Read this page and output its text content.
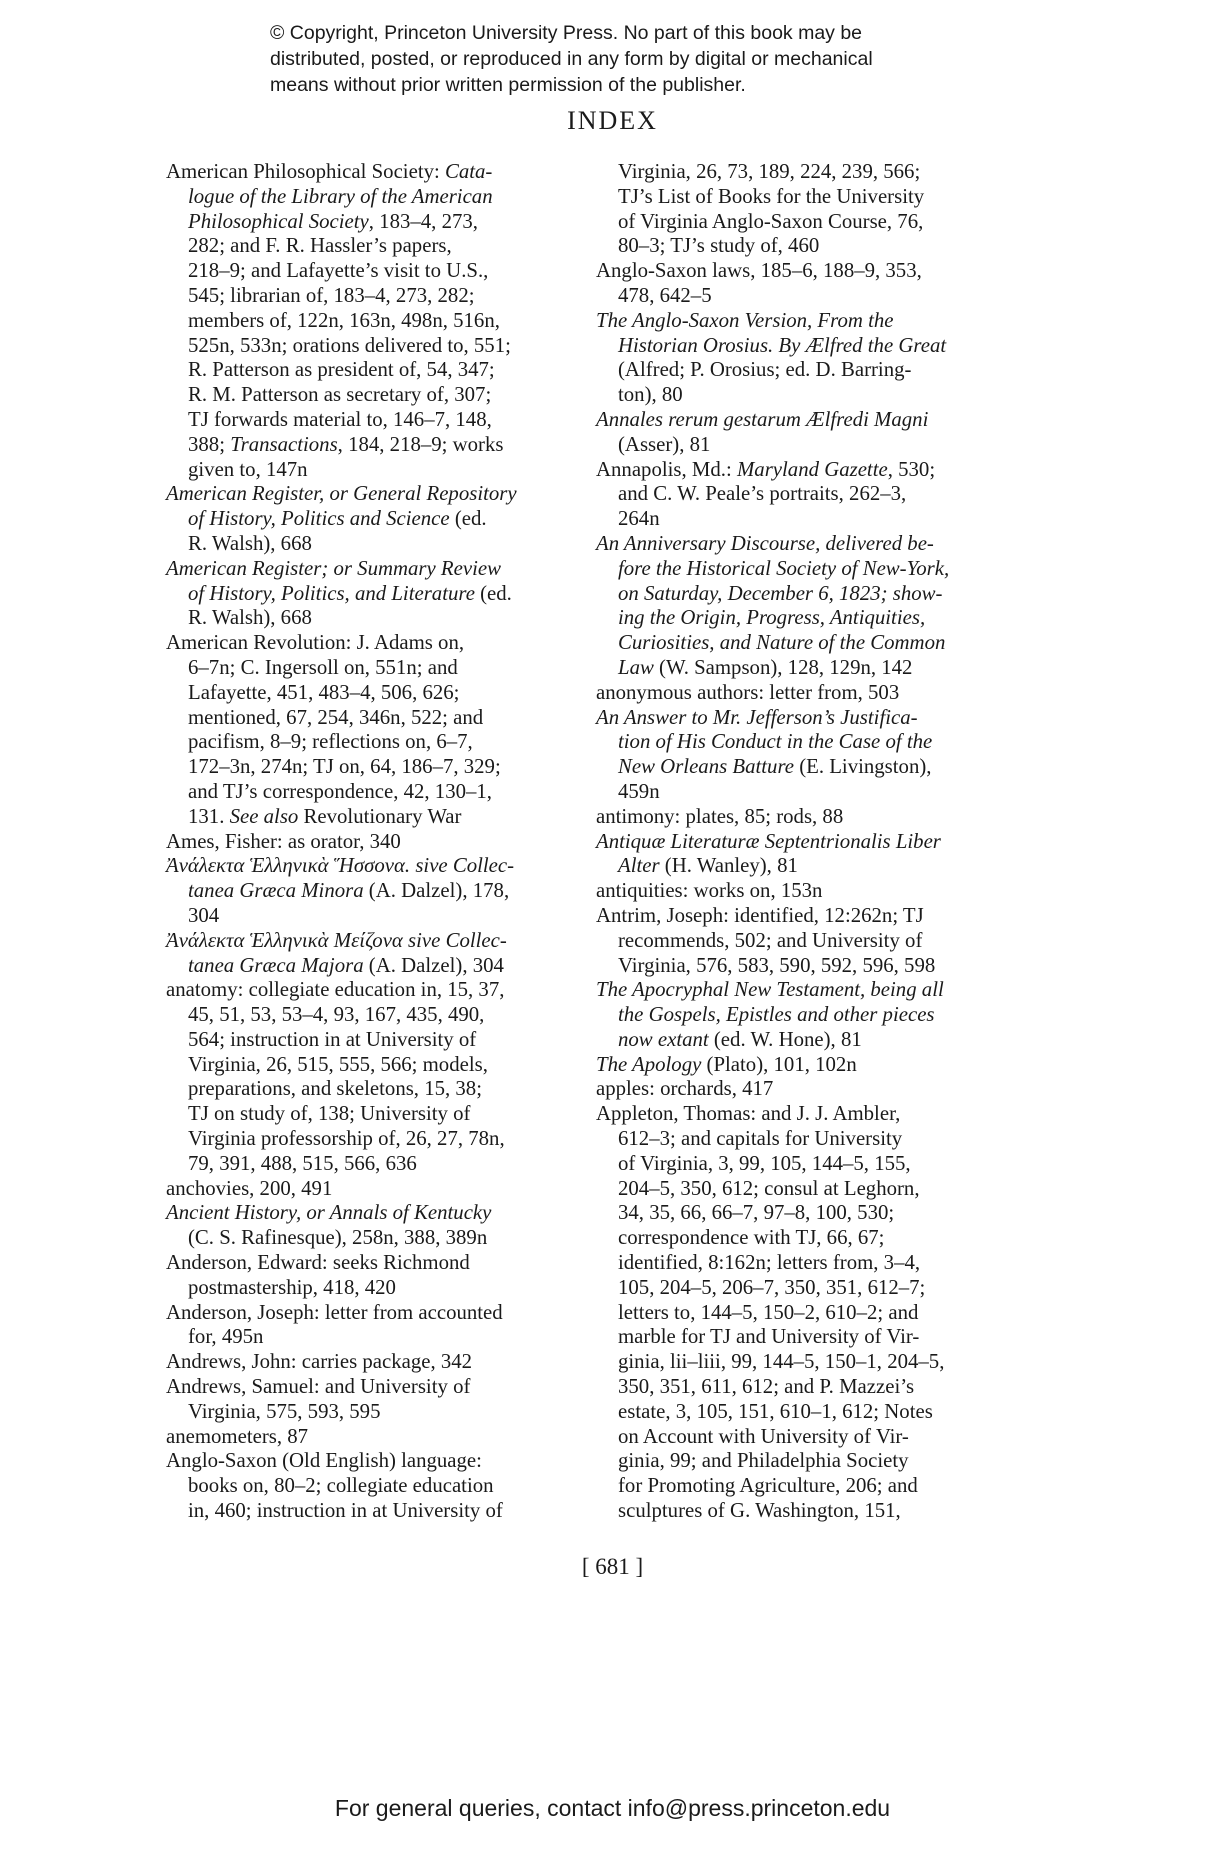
© Copyright, Princeton University Press. No part of this book may be
distributed, posted, or reproduced in any form by digital or mechanical
means without prior written permission of the publisher.
INDEX
American Philosophical Society: Cata-
logue of the Library of the American
Philosophical Society, 183–4, 273,
282; and F. R. Hassler’s papers,
218–9; and Lafayette’s visit to U.S.,
545; librarian of, 183–4, 273, 282;
members of, 122n, 163n, 498n, 516n,
525n, 533n; orations delivered to, 551;
R. Patterson as president of, 54, 347;
R. M. Patterson as secretary of, 307;
TJ forwards material to, 146–7, 148,
388; Transactions, 184, 218–9; works
given to, 147n
American Register, or General Repository
of History, Politics and Science (ed.
R. Walsh), 668
American Register; or Summary Review
of History, Politics, and Literature (ed.
R. Walsh), 668
American Revolution: J. Adams on,
6–7n; C. Ingersoll on, 551n; and
Lafayette, 451, 483–4, 506, 626;
mentioned, 67, 254, 346n, 522; and
pacifism, 8–9; reflections on, 6–7,
172–3n, 274n; TJ on, 64, 186–7, 329;
and TJ’s correspondence, 42, 130–1,
131. See also Revolutionary War
Ames, Fisher: as orator, 340
Ἀνάλεκτα Ἑλληνικὰ Ἥσσονα. sive Collec-
tanea Græca Minora (A. Dalzel), 178,
304
Ἀνάλεκτα Ἑλληνικὰ Μείζονα sive Collec-
tanea Græca Majora (A. Dalzel), 304
anatomy: collegiate education in, 15, 37,
45, 51, 53, 53–4, 93, 167, 435, 490,
564; instruction in at University of
Virginia, 26, 515, 555, 566; models,
preparations, and skeletons, 15, 38;
TJ on study of, 138; University of
Virginia professorship of, 26, 27, 78n,
79, 391, 488, 515, 566, 636
anchovies, 200, 491
Ancient History, or Annals of Kentucky
(C. S. Rafinesque), 258n, 388, 389n
Anderson, Edward: seeks Richmond
postmastership, 418, 420
Anderson, Joseph: letter from accounted
for, 495n
Andrews, John: carries package, 342
Andrews, Samuel: and University of
Virginia, 575, 593, 595
anemometers, 87
Anglo-Saxon (Old English) language:
books on, 80–2; collegiate education
in, 460; instruction in at University of
Virginia, 26, 73, 189, 224, 239, 566;
TJ’s List of Books for the University
of Virginia Anglo-Saxon Course, 76,
80–3; TJ’s study of, 460
Anglo-Saxon laws, 185–6, 188–9, 353,
478, 642–5
The Anglo-Saxon Version, From the
Historian Orosius. By Ælfred the Great
(Alfred; P. Orosius; ed. D. Barring-
ton), 80
Annales rerum gestarum Ælfredi Magni
(Asser), 81
Annapolis, Md.: Maryland Gazette, 530;
and C. W. Peale’s portraits, 262–3,
264n
An Anniversary Discourse, delivered be-
fore the Historical Society of New-York,
on Saturday, December 6, 1823; show-
ing the Origin, Progress, Antiquities,
Curiosities, and Nature of the Common
Law (W. Sampson), 128, 129n, 142
anonymous authors: letter from, 503
An Answer to Mr. Jefferson’s Justifica-
tion of His Conduct in the Case of the
New Orleans Batture (E. Livingston),
459n
antimony: plates, 85; rods, 88
Antiquæ Literaturæ Septentrionalis Liber
Alter (H. Wanley), 81
antiquities: works on, 153n
Antrim, Joseph: identified, 12:262n; TJ
recommends, 502; and University of
Virginia, 576, 583, 590, 592, 596, 598
The Apocryphal New Testament, being all
the Gospels, Epistles and other pieces
now extant (ed. W. Hone), 81
The Apology (Plato), 101, 102n
apples: orchards, 417
Appleton, Thomas: and J. J. Ambler,
612–3; and capitals for University
of Virginia, 3, 99, 105, 144–5, 155,
204–5, 350, 612; consul at Leghorn,
34, 35, 66, 66–7, 97–8, 100, 530;
correspondence with TJ, 66, 67;
identified, 8:162n; letters from, 3–4,
105, 204–5, 206–7, 350, 351, 612–7;
letters to, 144–5, 150–2, 610–2; and
marble for TJ and University of Vir-
ginia, lii–liii, 99, 144–5, 150–1, 204–5,
350, 351, 611, 612; and P. Mazzei’s
estate, 3, 105, 151, 610–1, 612; Notes
on Account with University of Vir-
ginia, 99; and Philadelphia Society
for Promoting Agriculture, 206; and
sculptures of G. Washington, 151,
[ 681 ]
For general queries, contact info@press.princeton.edu
